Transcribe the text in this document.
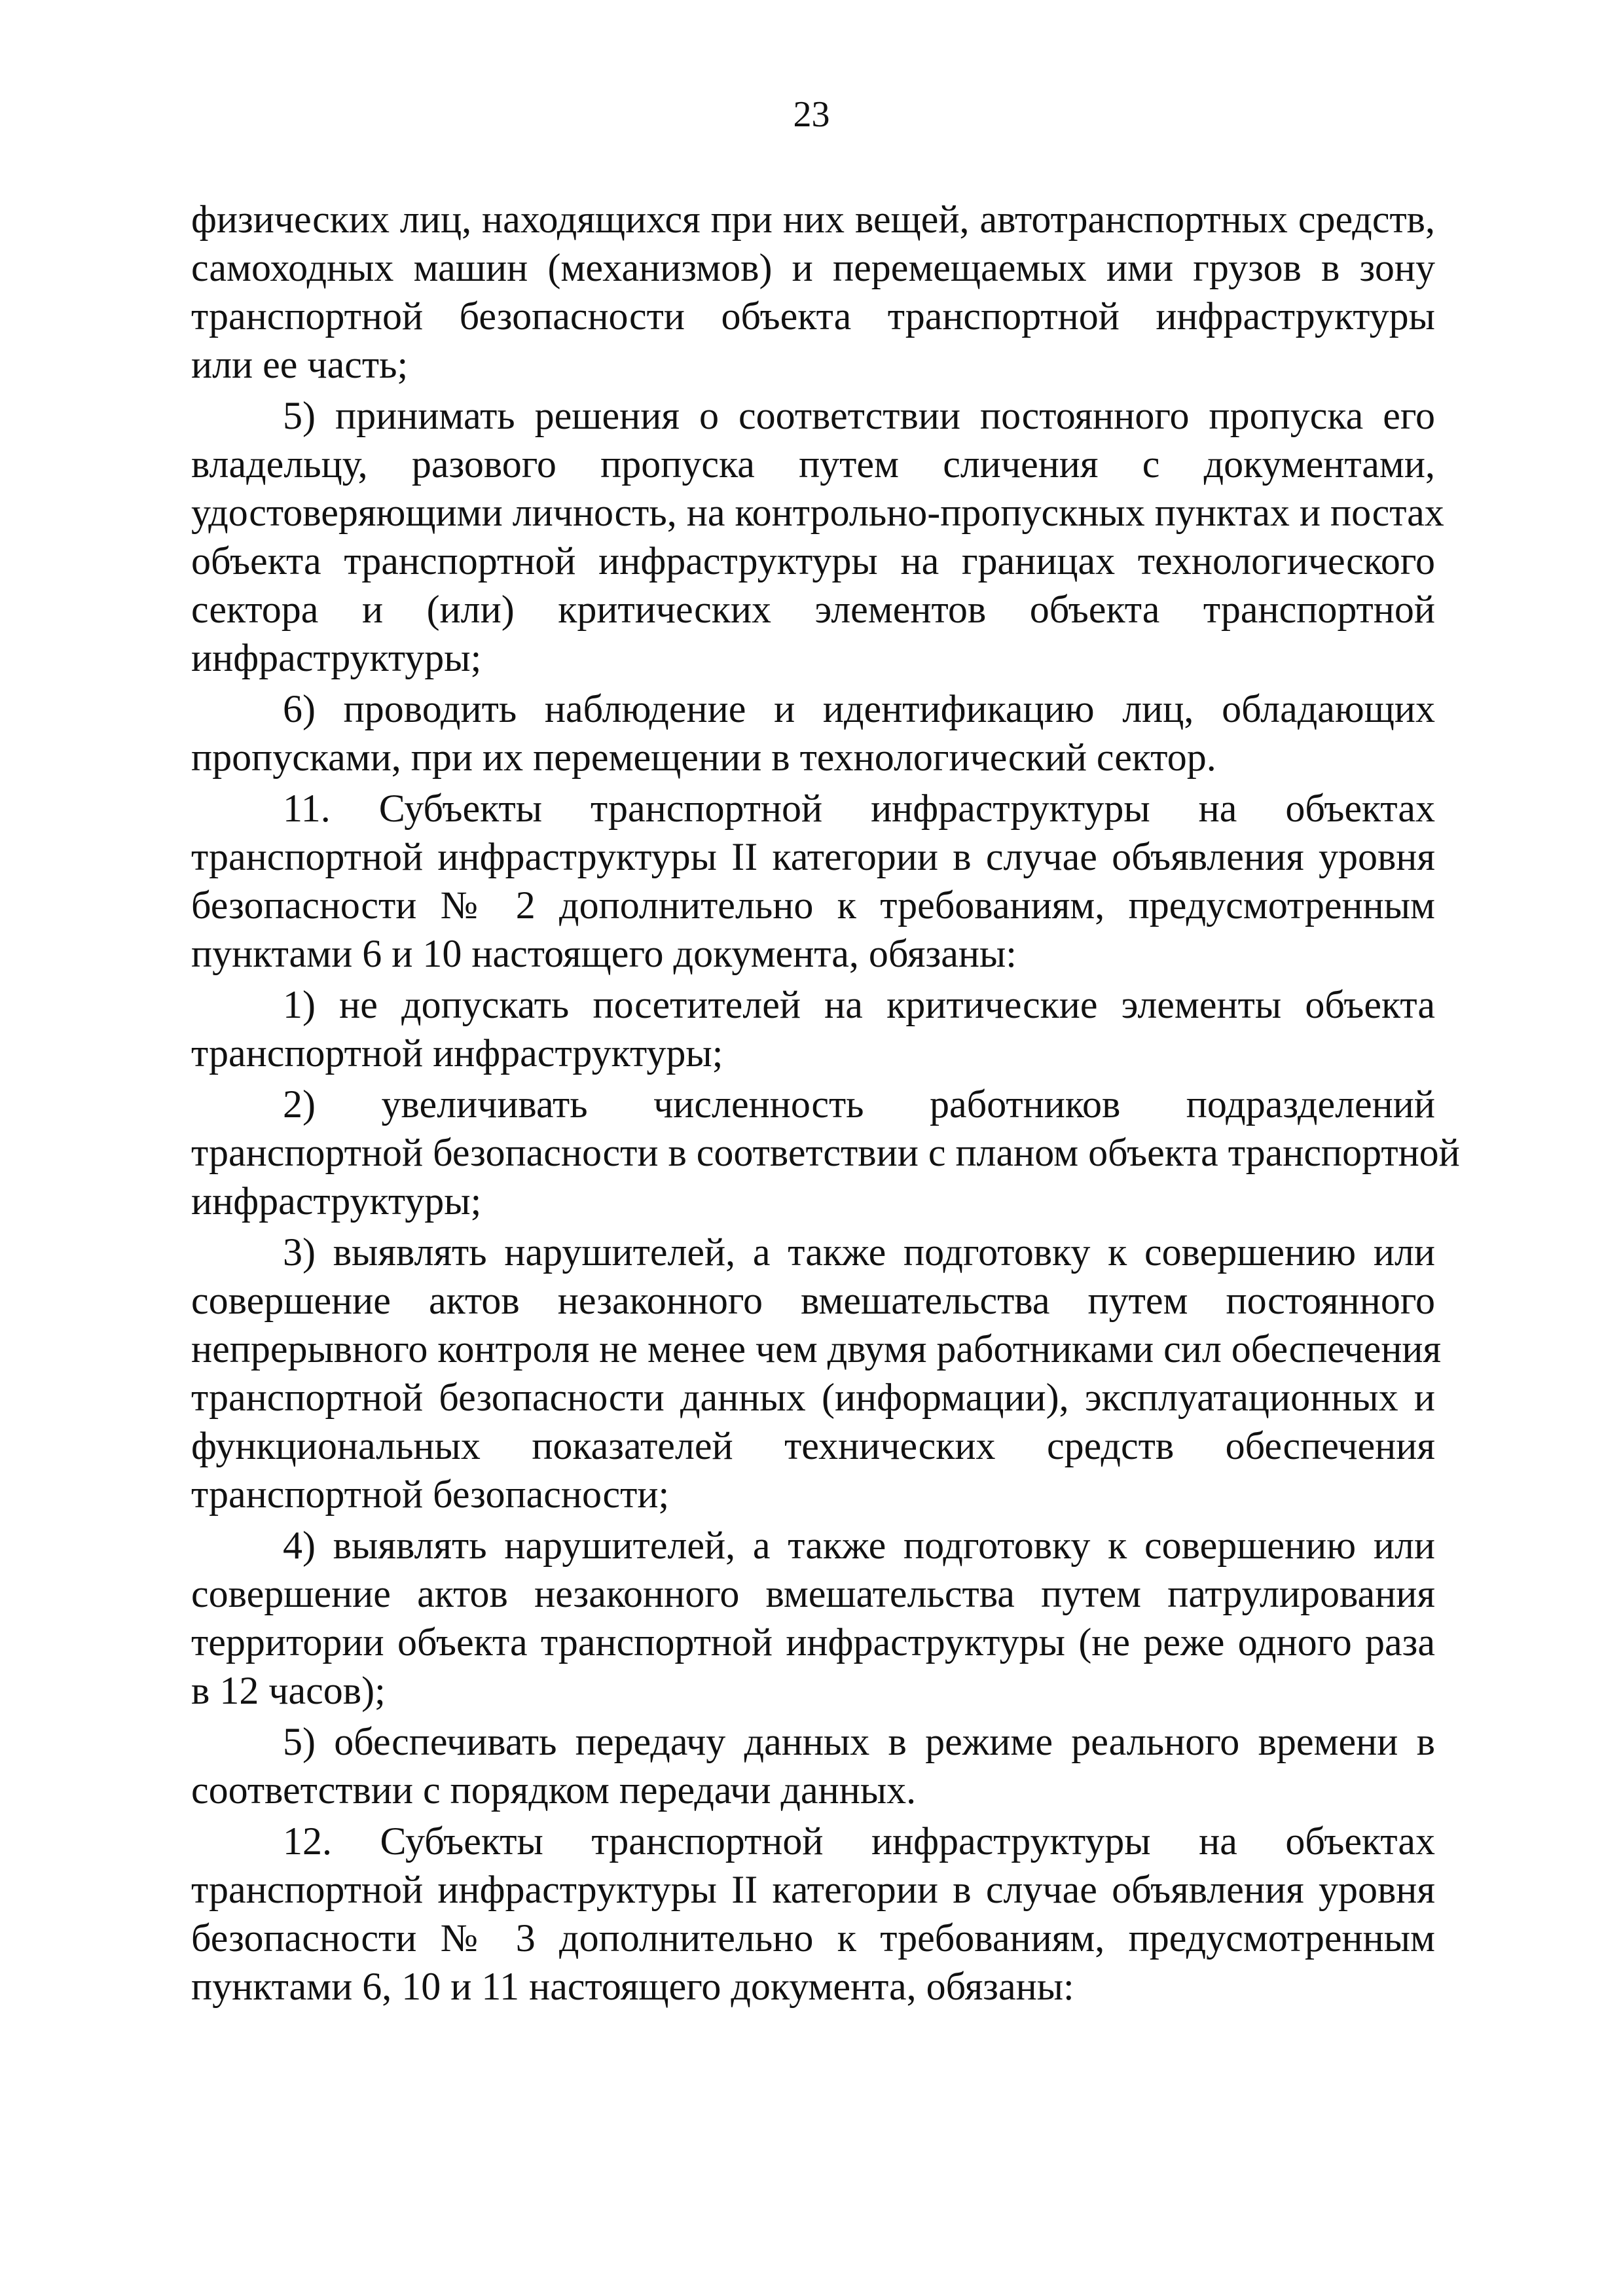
23
физических лиц, находящихся при них вещей, автотранспортных средств,
самоходных машин (механизмов) и перемещаемых ими грузов в зону
транспортной безопасности объекта транспортной инфраструктуры
или ее часть;
5) принимать решения о соответствии постоянного пропуска его
владельцу, разового пропуска путем сличения с документами,
удостоверяющими личность, на контрольно-пропускных пунктах и постах
объекта транспортной инфраструктуры на границах технологического
сектора и (или) критических элементов объекта транспортной
инфраструктуры;
6) проводить наблюдение и идентификацию лиц, обладающих
пропусками, при их перемещении в технологический сектор.
11. Субъекты транспортной инфраструктуры на объектах
транспортной инфраструктуры II категории в случае объявления уровня
безопасности № 2 дополнительно к требованиям, предусмотренным
пунктами 6 и 10 настоящего документа, обязаны:
1) не допускать посетителей на критические элементы объекта
транспортной инфраструктуры;
2) увеличивать численность работников подразделений
транспортной безопасности в соответствии с планом объекта транспортной
инфраструктуры;
3) выявлять нарушителей, а также подготовку к совершению или
совершение актов незаконного вмешательства путем постоянного
непрерывного контроля не менее чем двумя работниками сил обеспечения
транспортной безопасности данных (информации), эксплуатационных и
функциональных показателей технических средств обеспечения
транспортной безопасности;
4) выявлять нарушителей, а также подготовку к совершению или
совершение актов незаконного вмешательства путем патрулирования
территории объекта транспортной инфраструктуры (не реже одного раза
в 12 часов);
5) обеспечивать передачу данных в режиме реального времени в
соответствии с порядком передачи данных.
12. Субъекты транспортной инфраструктуры на объектах
транспортной инфраструктуры II категории в случае объявления уровня
безопасности № 3 дополнительно к требованиям, предусмотренным
пунктами 6, 10 и 11 настоящего документа, обязаны:
